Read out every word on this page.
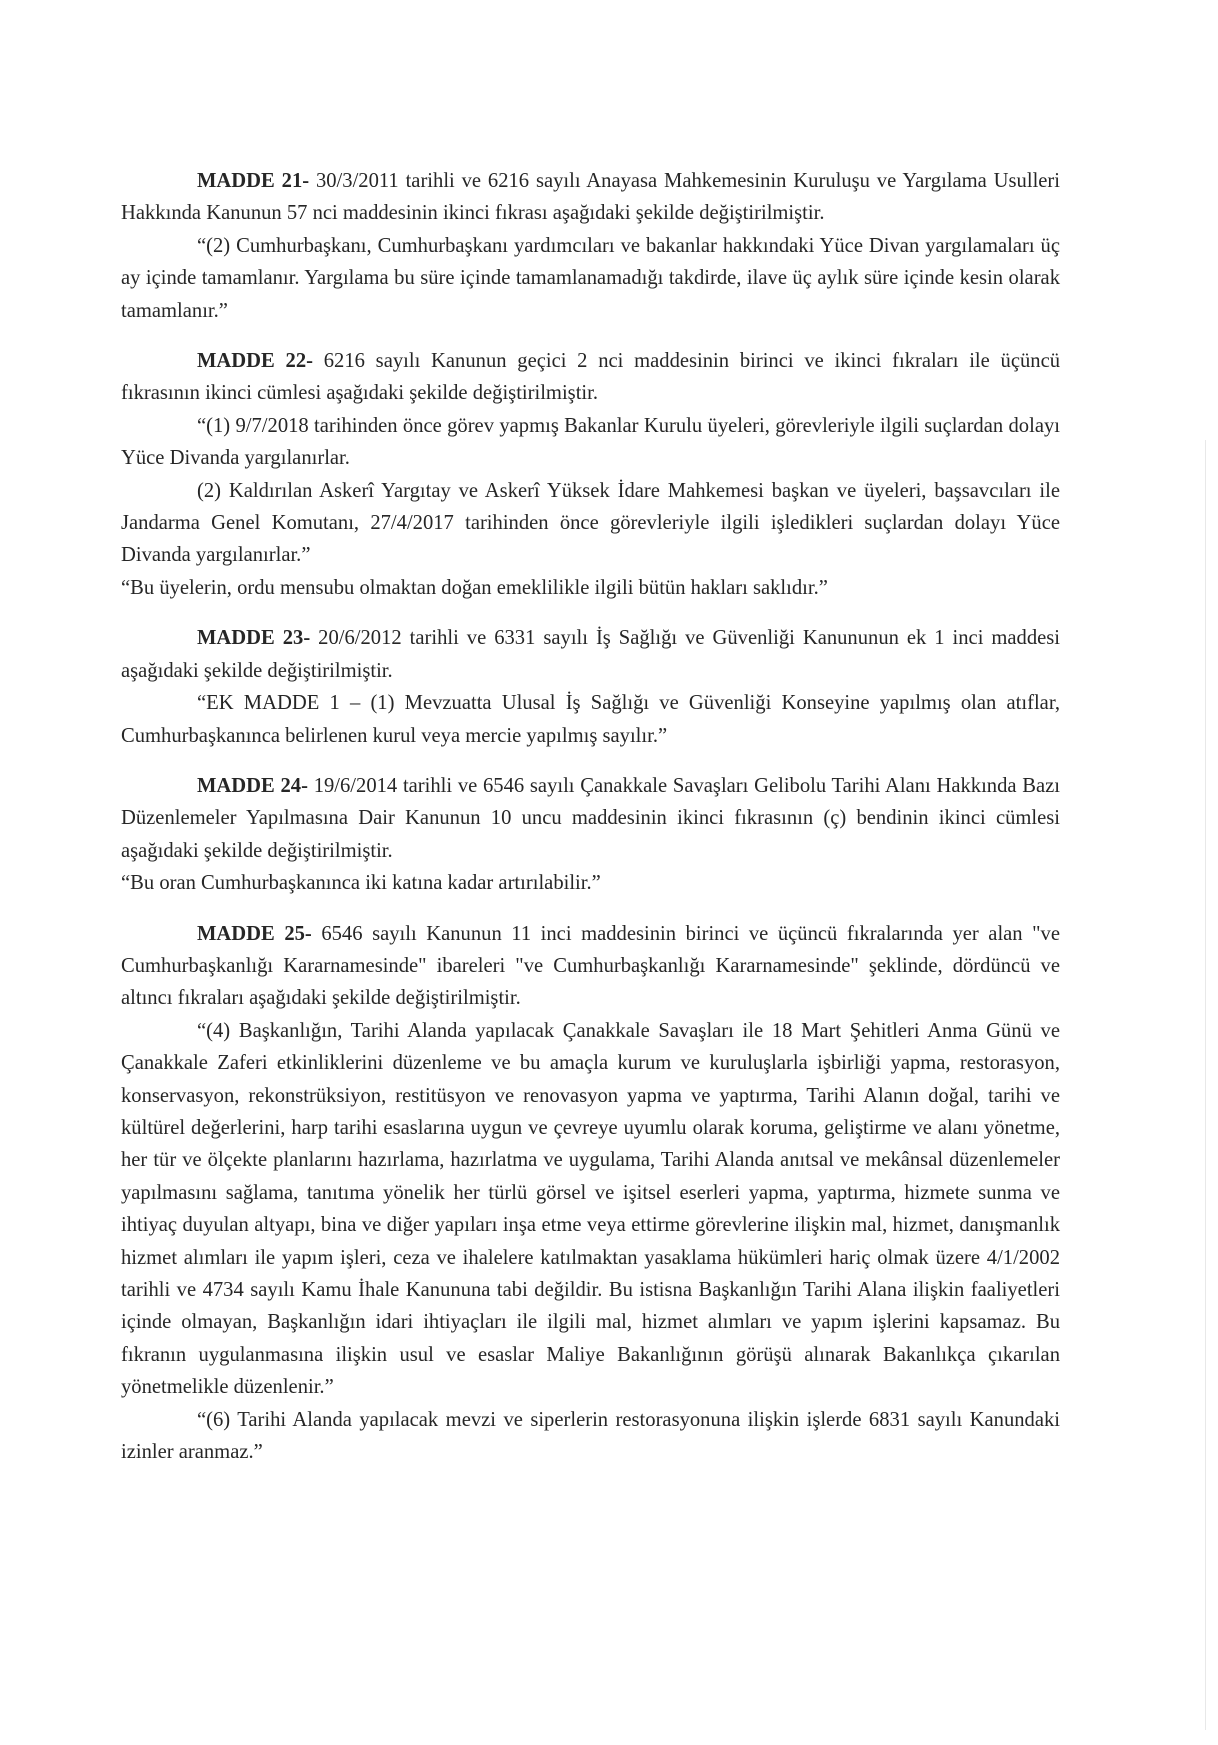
MADDE 21- 30/3/2011 tarihli ve 6216 sayılı Anayasa Mahkemesinin Kuruluşu ve Yargılama Usulleri Hakkında Kanunun 57 nci maddesinin ikinci fıkrası aşağıdaki şekilde değiştirilmiştir.

“(2) Cumhurbaşkanı, Cumhurbaşkanı yardımcıları ve bakanlar hakkındaki Yüce Divan yargılamaları üç ay içinde tamamlanır. Yargılama bu süre içinde tamamlanamadığı takdirde, ilave üç aylık süre içinde kesin olarak tamamlanır.”

MADDE 22- 6216 sayılı Kanunun geçici 2 nci maddesinin birinci ve ikinci fıkraları ile üçüncü fıkrasının ikinci cümlesi aşağıdaki şekilde değiştirilmiştir.

“(1) 9/7/2018 tarihinden önce görev yapmış Bakanlar Kurulu üyeleri, görevleriyle ilgili suçlardan dolayı Yüce Divanda yargılanırlar.

(2) Kaldırılan Askerî Yargıtay ve Askerî Yüksek İdare Mahkemesi başkan ve üyeleri, başsavcıları ile Jandarma Genel Komutanı, 27/4/2017 tarihinden önce görevleriyle ilgili işledikleri suçlardan dolayı Yüce Divanda yargılanırlar.”

“Bu üyelerin, ordu mensubu olmaktan doğan emeklilikle ilgili bütün hakları saklıdır.”

MADDE 23- 20/6/2012 tarihli ve 6331 sayılı İş Sağlığı ve Güvenliği Kanununun ek 1 inci maddesi aşağıdaki şekilde değiştirilmiştir.

“EK MADDE 1 – (1) Mevzuatta Ulusal İş Sağlığı ve Güvenliği Konseyine yapılmış olan atıflar, Cumhurbaşkanınca belirlenen kurul veya mercie yapılmış sayılır.”

MADDE 24- 19/6/2014 tarihli ve 6546 sayılı Çanakkale Savaşları Gelibolu Tarihi Alanı Hakkında Bazı Düzenlemeler Yapılmasına Dair Kanunun 10 uncu maddesinin ikinci fıkrasının (ç) bendinin ikinci cümlesi aşağıdaki şekilde değiştirilmiştir.

“Bu oran Cumhurbaşkanınca iki katına kadar artırılabilir.”

MADDE 25- 6546 sayılı Kanunun 11 inci maddesinin birinci ve üçüncü fıkralarında yer alan "ve Cumhurbaşkanlığı Kararnamesinde" ibareleri "ve Cumhurbaşkanlığı Kararnamesinde" şeklinde, dördüncü ve altıncı fıkraları aşağıdaki şekilde değiştirilmiştir.

“(4) Başkanlığın, Tarihi Alanda yapılacak Çanakkale Savaşları ile 18 Mart Şehitleri Anma Günü ve Çanakkale Zaferi etkinliklerini düzenleme ve bu amaçla kurum ve kuruluşlarla işbirliği yapma, restorasyon, konservasyon, rekonstrüksiyon, restitüsyon ve renovasyon yapma ve yaptırma, Tarihi Alanın doğal, tarihi ve kültürel değerlerini, harp tarihi esaslarına uygun ve çevreye uyumlu olarak koruma, geliştirme ve alanı yönetme, her tür ve ölçekte planlarını hazırlama, hazırlatma ve uygulama, Tarihi Alanda anıtsal ve mekânsal düzenlemeler yapılmasını sağlama, tanıtıma yönelik her türlü görsel ve işitsel eserleri yapma, yaptırma, hizmete sunma ve ihtiyaç duyulan altyapı, bina ve diğer yapıları inşa etme veya ettirme görevlerine ilişkin mal, hizmet, danışmanlık hizmet alımları ile yapım işleri, ceza ve ihalelere katılmaktan yasaklama hükümleri hariç olmak üzere 4/1/2002 tarihli ve 4734 sayılı Kamu İhale Kanununa tabi değildir. Bu istisna Başkanlığın Tarihi Alana ilişkin faaliyetleri içinde olmayan, Başkanlığın idari ihtiyaçları ile ilgili mal, hizmet alımları ve yapım işlerini kapsamaz. Bu fıkranın uygulanmasına ilişkin usul ve esaslar Maliye Bakanlığının görüşü alınarak Bakanlıkça çıkarılan yönetmelikle düzenlenir.”

“(6) Tarihi Alanda yapılacak mevzi ve siperlerin restorasyonuna ilişkin işlerde 6831 sayılı Kanundaki izinler aranmaz.”
